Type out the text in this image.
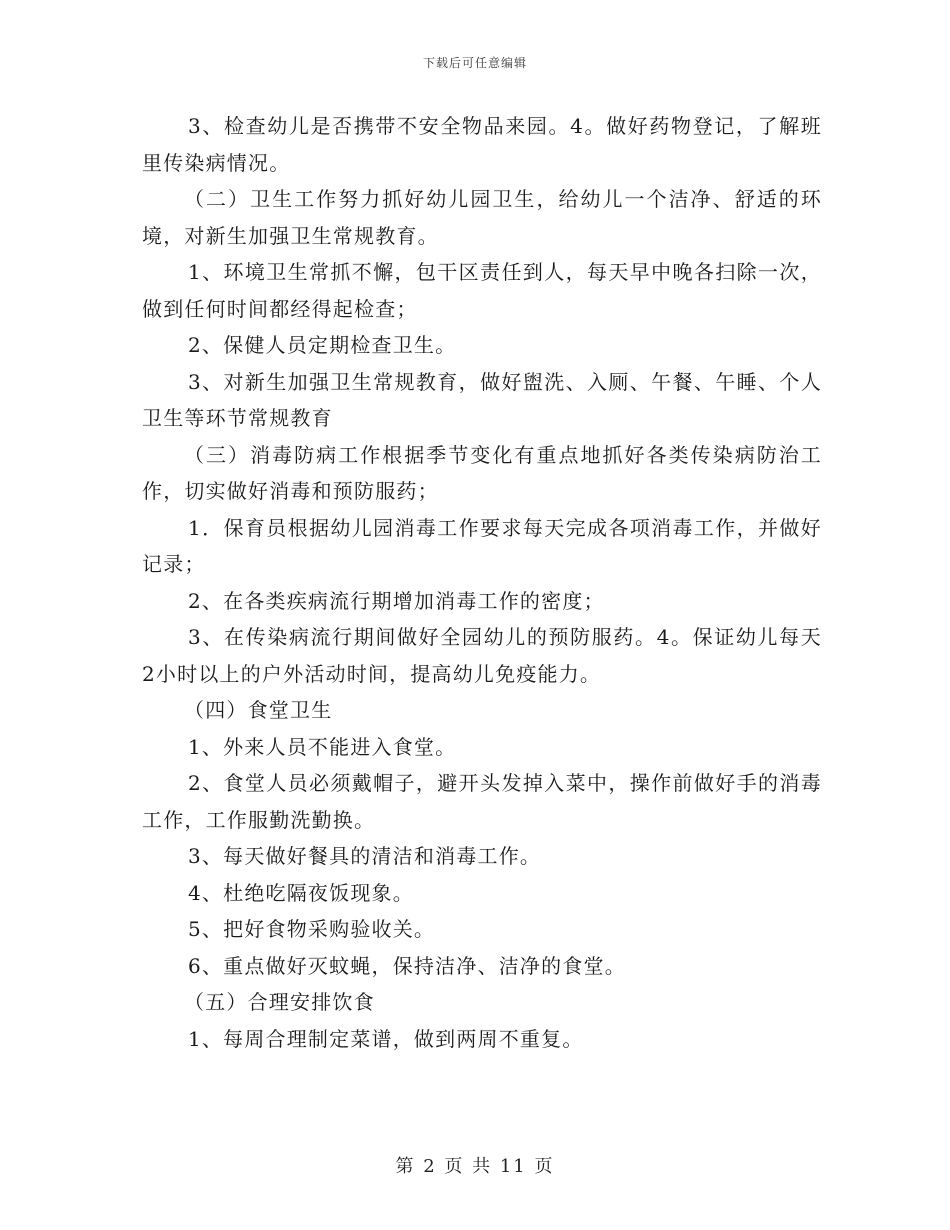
下载后可任意编辑

3、检查幼儿是否携带不安全物品来园。4。做好药物登记，了解班里传染病情况。

（二）卫生工作努力抓好幼儿园卫生，给幼儿一个洁净、舒适的环境，对新生加强卫生常规教育。

1、环境卫生常抓不懈，包干区责任到人，每天早中晚各扫除一次，做到任何时间都经得起检查；

2、保健人员定期检查卫生。

3、对新生加强卫生常规教育，做好盥洗、入厕、午餐、午睡、个人卫生等环节常规教育

（三）消毒防病工作根据季节变化有重点地抓好各类传染病防治工作，切实做好消毒和预防服药；

1．保育员根据幼儿园消毒工作要求每天完成各项消毒工作，并做好记录；

2、在各类疾病流行期增加消毒工作的密度；

3、在传染病流行期间做好全园幼儿的预防服药。4。保证幼儿每天2小时以上的户外活动时间，提高幼儿免疫能力。

（四）食堂卫生

1、外来人员不能进入食堂。

2、食堂人员必须戴帽子，避开头发掉入菜中，操作前做好手的消毒工作，工作服勤洗勤换。

3、每天做好餐具的清洁和消毒工作。

4、杜绝吃隔夜饭现象。

5、把好食物采购验收关。

6、重点做好灭蚊蝇，保持洁净、洁净的食堂。

（五）合理安排饮食

1、每周合理制定菜谱，做到两周不重复。

第 2 页 共 11 页
